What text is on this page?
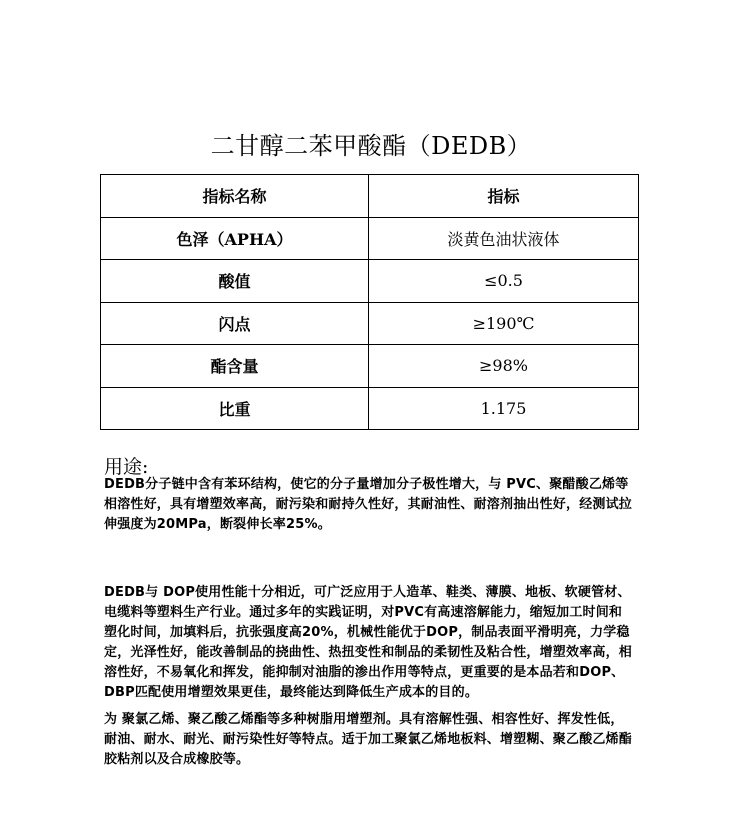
二甘醇二苯甲酸酯（DEDB）
指标名称	指标
色泽（APHA）	淡黄色油状液体
酸值	≤0.5
闪点	≥190℃
酯含量	≥98%
比重	1.175
用途:
DEDB分子链中含有苯环结构，使它的分子量增加分子极性增大，与 PVC、聚醋酸乙烯等相溶性好，具有增塑效率高，耐污染和耐持久性好，其耐油性、耐溶剂抽出性好，经测试拉伸强度为20MPa，断裂伸长率25%。
DEDB与 DOP使用性能十分相近，可广泛应用于人造革、鞋类、薄膜、地板、软硬管材、电缆料等塑料生产行业。通过多年的实践证明，对PVC有高速溶解能力，缩短加工时间和塑化时间，加填料后，抗张强度高20%，机械性能优于DOP，制品表面平滑明亮，力学稳定，光泽性好，能改善制品的挠曲性、热扭变性和制品的柔韧性及粘合性，增塑效率高，相溶性好，不易氧化和挥发，能抑制对油脂的渗出作用等特点，更重要的是本品若和DOP、DBP匹配使用增塑效果更佳，最终能达到降低生产成本的目的。
为 聚氯乙烯、聚乙酸乙烯酯等多种树脂用增塑剂。具有溶解性强、相容性好、挥发性低，耐油、耐水、耐光、耐污染性好等特点。适于加工聚氯乙烯地板料、增塑糊、聚乙酸乙烯酯胶粘剂以及合成橡胶等。
